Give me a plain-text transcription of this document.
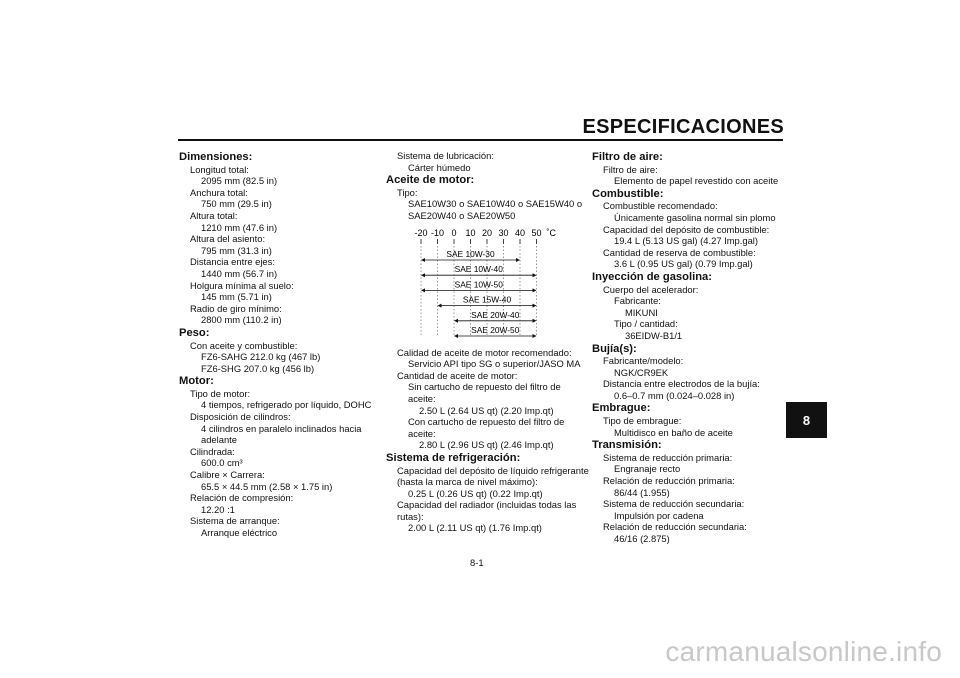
ESPECIFICACIONES
8
Dimensiones:
Longitud total:
2095 mm (82.5 in)
Anchura total:
750 mm (29.5 in)
Altura total:
1210 mm (47.6 in)
Altura del asiento:
795 mm (31.3 in)
Distancia entre ejes:
1440 mm (56.7 in)
Holgura mínima al suelo:
145 mm (5.71 in)
Radio de giro mínimo:
2800 mm (110.2 in)
Peso:
Con aceite y combustible:
FZ6-SAHG 212.0 kg (467 lb)
FZ6-SHG 207.0 kg (456 lb)
Motor:
Tipo de motor:
4 tiempos, refrigerado por líquido, DOHC
Disposición de cilindros:
4 cilindros en paralelo inclinados hacia
adelante
Cilindrada:
600.0 cm³
Calibre × Carrera:
65.5 × 44.5 mm (2.58 × 1.75 in)
Relación de compresión:
12.20 :1
Sistema de arranque:
Arranque eléctrico
Sistema de lubricación:
Cárter húmedo
Aceite de motor:
Tipo:
SAE10W30 o SAE10W40 o SAE15W40 o
SAE20W40 o SAE20W50
-20 -10 0 10 20 30 40 50 ˚C
SAE 10W-30
SAE 10W-40
SAE 10W-50
SAE 15W-40
SAE 20W-40
SAE 20W-50
Calidad de aceite de motor recomendado:
Servicio API tipo SG o superior/JASO MA
Cantidad de aceite de motor:
Sin cartucho de repuesto del filtro de
aceite:
2.50 L (2.64 US qt) (2.20 Imp.qt)
Con cartucho de repuesto del filtro de
aceite:
2.80 L (2.96 US qt) (2.46 Imp.qt)
Sistema de refrigeración:
Capacidad del depósito de líquido refrigerante
(hasta la marca de nivel máximo):
0.25 L (0.26 US qt) (0.22 Imp.qt)
Capacidad del radiador (incluidas todas las
rutas):
2.00 L (2.11 US qt) (1.76 Imp.qt)
Filtro de aire:
Filtro de aire:
Elemento de papel revestido con aceite
Combustible:
Combustible recomendado:
Únicamente gasolina normal sin plomo
Capacidad del depósito de combustible:
19.4 L (5.13 US gal) (4.27 Imp.gal)
Cantidad de reserva de combustible:
3.6 L (0.95 US gal) (0.79 Imp.gal)
Inyección de gasolina:
Cuerpo del acelerador:
Fabricante:
MIKUNI
Tipo / cantidad:
36EIDW-B1/1
Bujía(s):
Fabricante/modelo:
NGK/CR9EK
Distancia entre electrodos de la bujía:
0.6–0.7 mm (0.024–0.028 in)
Embrague:
Tipo de embrague:
Multidisco en baño de aceite
Transmisión:
Sistema de reducción primaria:
Engranaje recto
Relación de reducción primaria:
86/44 (1.955)
Sistema de reducción secundaria:
Impulsión por cadena
Relación de reducción secundaria:
46/16 (2.875)
8-1
carmanualsonline.info
